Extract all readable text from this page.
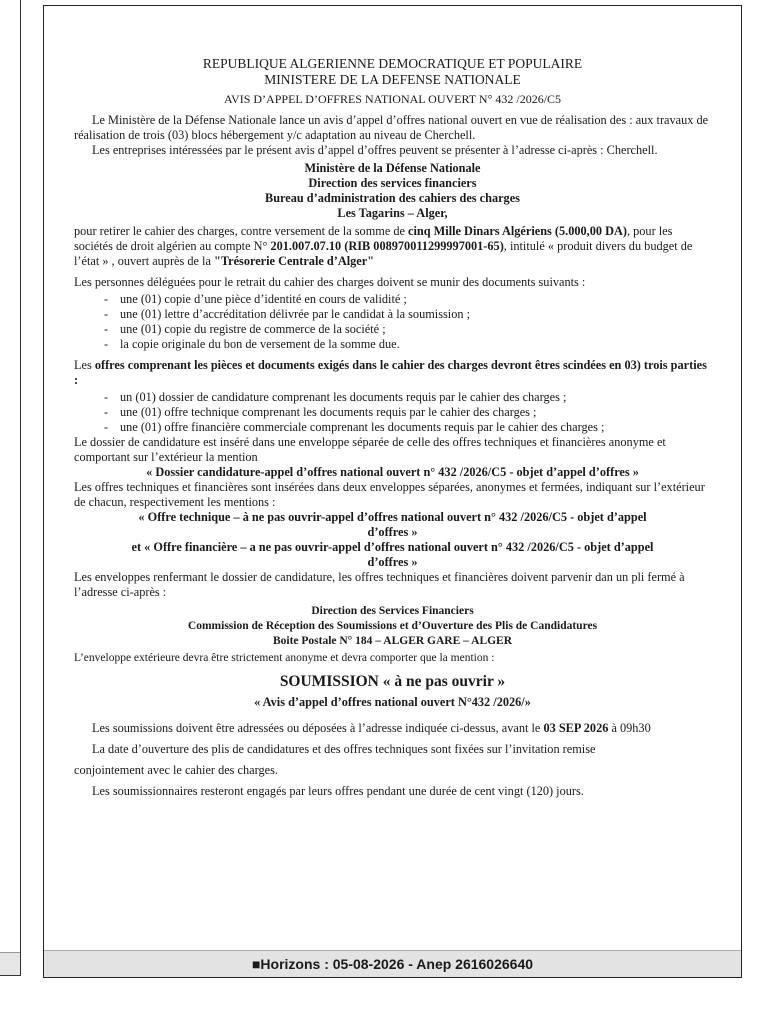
REPUBLIQUE ALGERIENNE DEMOCRATIQUE ET POPULAIRE

MINISTERE DE LA DEFENSE NATIONALE

AVIS D’APPEL D’OFFRES NATIONAL OUVERT N° 432 /2026/C5

Le Ministère de la Défense Nationale lance un avis d’appel d’offres national ouvert en vue de réalisation des : aux travaux de réalisation de trois (03) blocs hébergement y/c adaptation au niveau de Cherchell.

Les entreprises intéressées par le présent avis d’appel d’offres peuvent se présenter à l’adresse ci-après : Cherchell.

Ministère de la Défense Nationale

Direction des services financiers

Bureau d’administration des cahiers des charges

Les Tagarins – Alger,

pour retirer le cahier des charges, contre versement de la somme de cinq Mille Dinars Algériens (5.000,00 DA), pour les sociétés de droit algérien au compte N° 201.007.07.10 (RIB 008970011299997001-65), intitulé « produit divers du budget de l’état » , ouvert auprès de la "Trésorerie Centrale d’Alger"

Les personnes déléguées pour le retrait du cahier des charges doivent se munir des documents suivants :

- une (01) copie d’une pièce d’identité en cours de validité ;
- une (01) lettre d’accréditation délivrée par le candidat à la soumission ;
- une (01) copie du registre de commerce de la société ;
- la copie originale du bon de versement de la somme due.

Les offres comprenant les pièces et documents exigés dans le cahier des charges devront êtres scindées en 03) trois parties :

- un (01) dossier de candidature comprenant les documents requis par le cahier des charges ;
- une (01) offre technique comprenant les documents requis par le cahier des charges ;
- une (01) offre financière commerciale comprenant les documents requis par le cahier des charges ;

Le dossier de candidature est inséré dans une enveloppe séparée de celle des offres techniques et financières anonyme et comportant sur l’extérieur la mention

« Dossier candidature-appel d’offres national ouvert n° 432 /2026/C5 - objet d’appel d’offres »

Les offres techniques et financières sont insérées dans deux enveloppes séparées, anonymes et fermées, indiquant sur l’extérieur de chacun, respectivement les mentions :

« Offre technique – à ne pas ouvrir-appel d’offres national ouvert n° 432 /2026/C5 - objet d’appel

d’offres »

et « Offre financière – a ne pas ouvrir-appel d’offres national ouvert n° 432 /2026/C5 - objet d’appel

d’offres »

Les enveloppes renfermant le dossier de candidature, les offres techniques et financières doivent parvenir dan un pli fermé à l’adresse ci-après :

Direction des Services Financiers

Commission de Réception des Soumissions et d’Ouverture des Plis de Candidatures

Boite Postale N° 184 – ALGER GARE – ALGER

L’enveloppe extérieure devra être strictement anonyme et devra comporter que la mention :

SOUMISSION « à ne pas ouvrir »

« Avis d’appel d’offres national ouvert N°432 /2026/»

Les soumissions doivent être adressées ou déposées à l’adresse indiquée ci-dessus, avant le 03 SEP 2026 à 09h30

La date d’ouverture des plis de candidatures et des offres techniques sont fixées sur l’invitation remise

conjointement avec le cahier des charges.

Les soumissionnaires resteront engagés par leurs offres pendant une durée de cent vingt (120) jours.

■Horizons : 05-08-2026 - Anep 2616026640
